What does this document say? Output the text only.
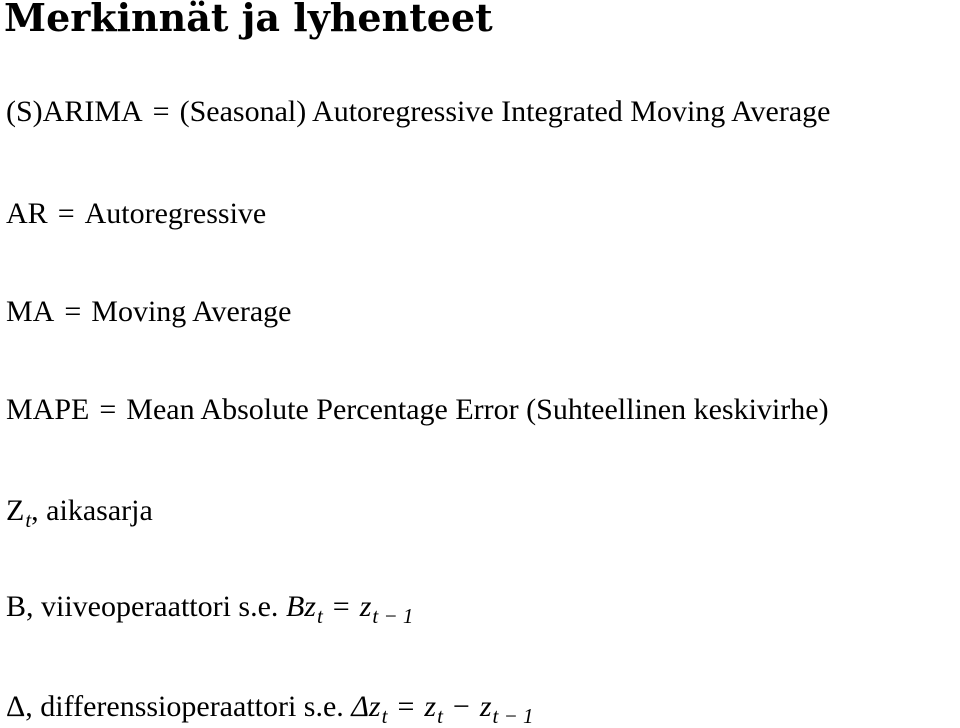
Merkinnät ja lyhenteet
(S)ARIMA = (Seasonal) Autoregressive Integrated Moving Average
AR = Autoregressive
MA = Moving Average
MAPE = Mean Absolute Percentage Error (Suhteellinen keskivirhe)
$Z_t$, aikasarja
B, viiveoperaattori s.e. $Bz_t = z_{t - 1}$
Δ, differenssioperaattori s.e. $\Delta z_t = z_t - z_{t - 1}$
